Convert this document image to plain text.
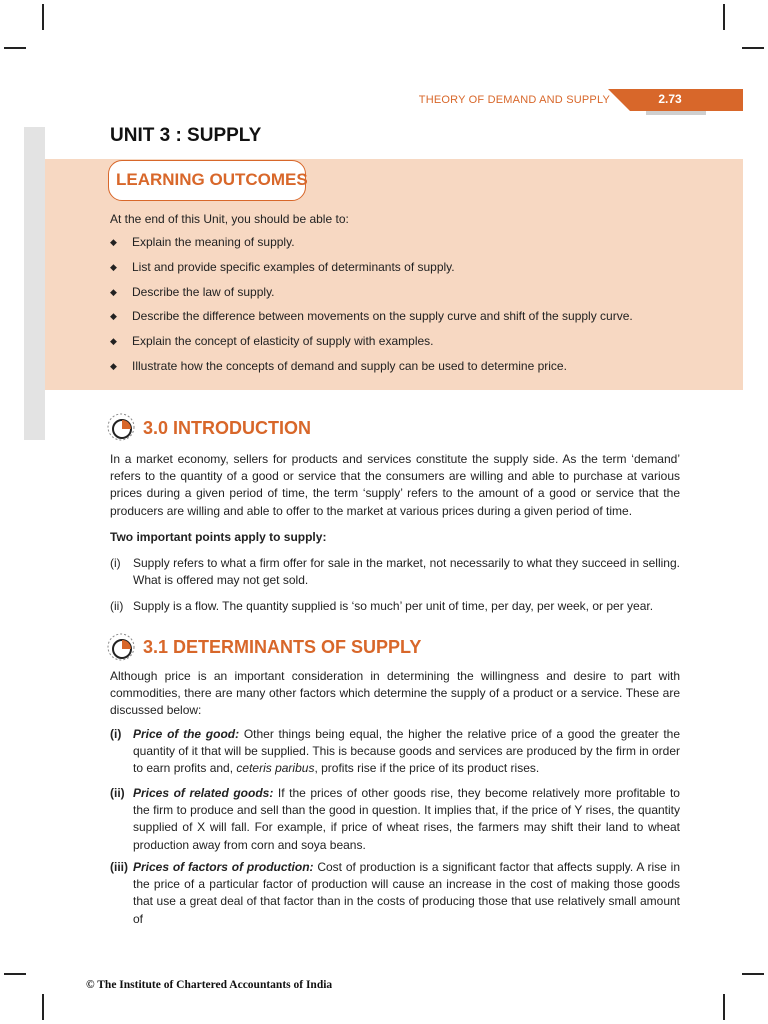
THEORY OF DEMAND AND SUPPLY	2.73
UNIT 3 : SUPPLY
LEARNING OUTCOMES
At the end of this Unit, you should be able to:
◆ Explain the meaning of supply.
◆ List and provide specific examples of determinants of supply.
◆ Describe the law of supply.
◆ Describe the difference between movements on the supply curve and shift of the supply curve.
◆ Explain the concept of elasticity of supply with examples.
◆ Illustrate how the concepts of demand and supply can be used to determine price.
3.0 INTRODUCTION

In a market economy, sellers for products and services constitute the supply side. As the term ‘demand’ refers to the quantity of a good or service that the consumers are willing and able to purchase at various prices during a given period of time, the term ‘supply’ refers to the amount of a good or service that the producers are willing and able to offer to the market at various prices during a given period of time.

Two important points apply to supply:
(i) Supply refers to what a firm offer for sale in the market, not necessarily to what they succeed in selling. What is offered may not get sold.
(ii) Supply is a flow. The quantity supplied is ‘so much’ per unit of time, per day, per week, or per year.
3.1 DETERMINANTS OF SUPPLY

Although price is an important consideration in determining the willingness and desire to part with commodities, there are many other factors which determine the supply of a product or a service. These are discussed below:

(i) Price of the good: Other things being equal, the higher the relative price of a good the greater the quantity of it that will be supplied. This is because goods and services are produced by the firm in order to earn profits and, ceteris paribus, profits rise if the price of its product rises.
(ii) Prices of related goods: If the prices of other goods rise, they become relatively more profitable to the firm to produce and sell than the good in question. It implies that, if the price of Y rises, the quantity supplied of X will fall. For example, if price of wheat rises, the farmers may shift their land to wheat production away from corn and soya beans.
(iii) Prices of factors of production: Cost of production is a significant factor that affects supply. A rise in the price of a particular factor of production will cause an increase in the cost of making those goods that use a great deal of that factor than in the costs of producing those that use relatively small amount of
© The Institute of Chartered Accountants of India
